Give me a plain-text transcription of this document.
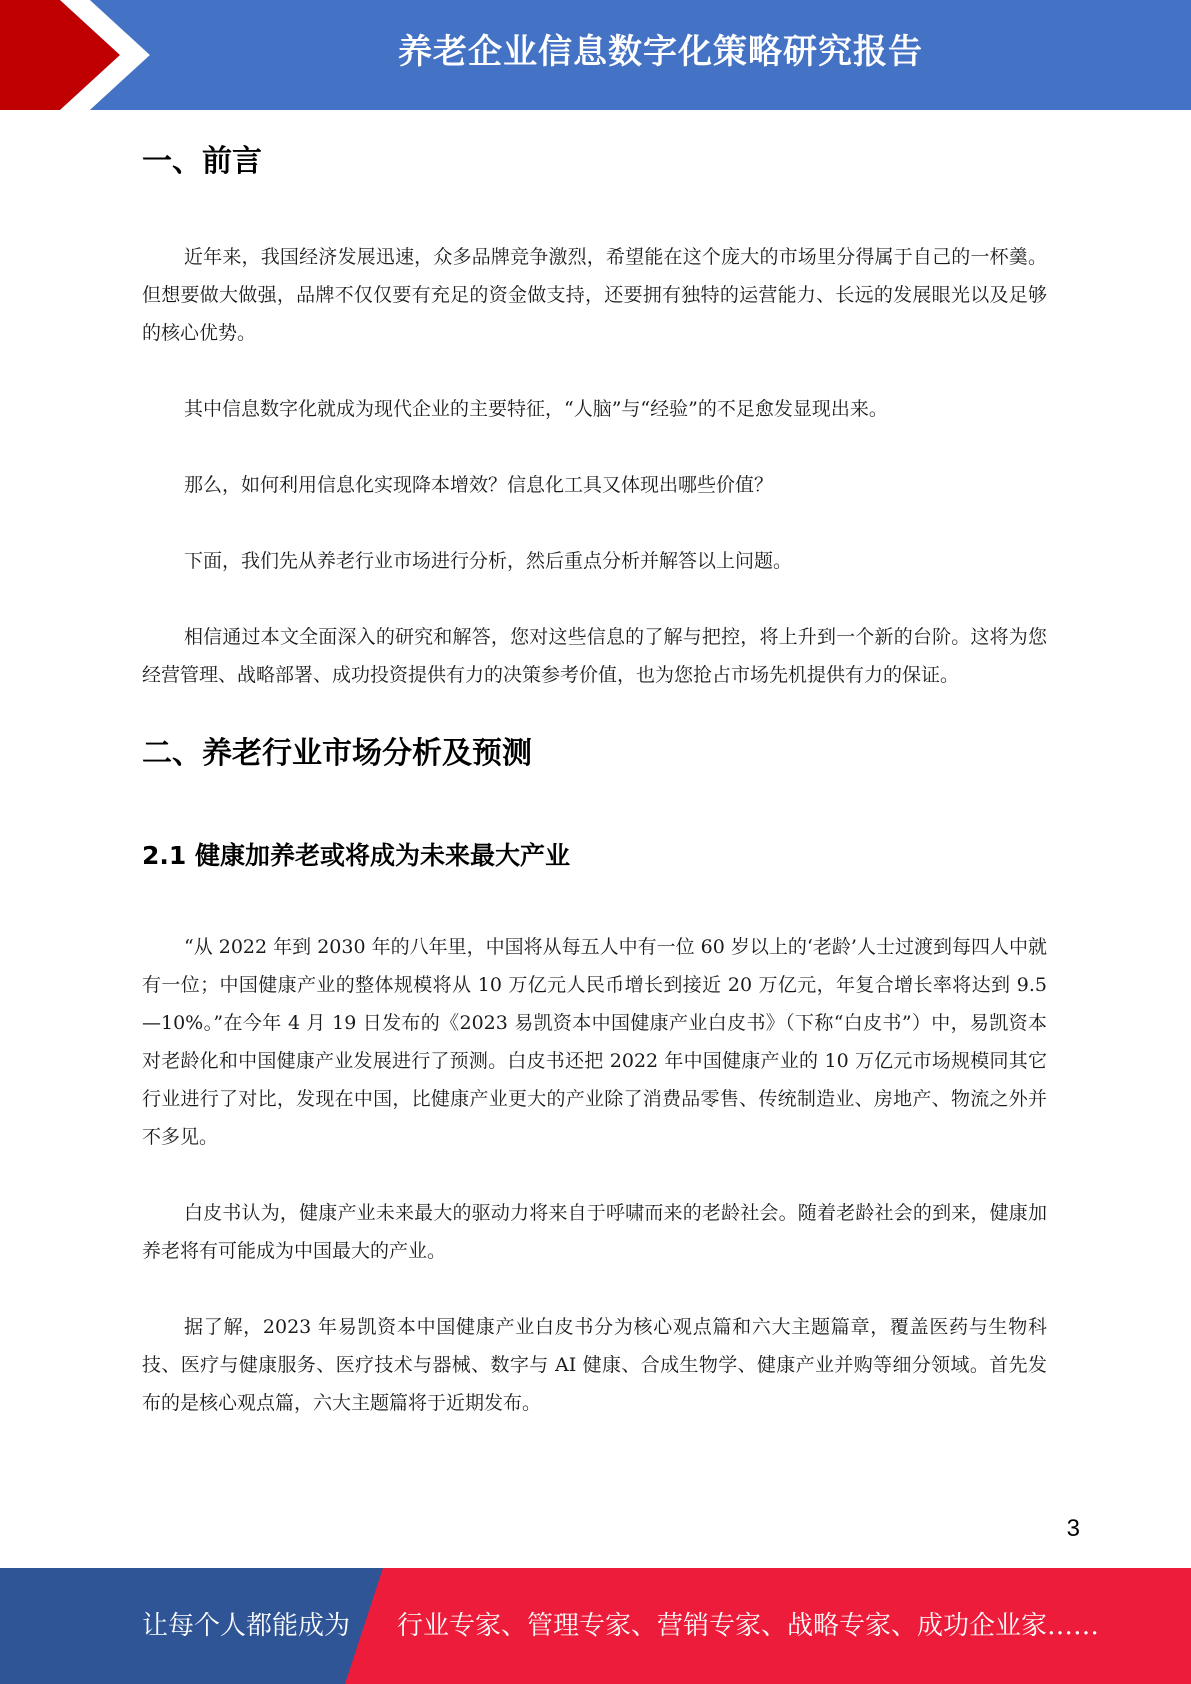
养老企业信息数字化策略研究报告
一、前言

近年来，我国经济发展迅速，众多品牌竞争激烈，希望能在这个庞大的市场里分得属于自己的一杯羹。但想要做大做强，品牌不仅仅要有充足的资金做支持，还要拥有独特的运营能力、长远的发展眼光以及足够的核心优势。

其中信息数字化就成为现代企业的主要特征，“人脑”与“经验”的不足愈发显现出来。

那么，如何利用信息化实现降本增效？信息化工具又体现出哪些价值？

下面，我们先从养老行业市场进行分析，然后重点分析并解答以上问题。

相信通过本文全面深入的研究和解答，您对这些信息的了解与把控，将上升到一个新的台阶。这将为您经营管理、战略部署、成功投资提供有力的决策参考价值，也为您抢占市场先机提供有力的保证。

二、养老行业市场分析及预测
2.1 健康加养老或将成为未来最大产业

“从 2022 年到 2030 年的八年里，中国将从每五人中有一位 60 岁以上的‘老龄’人士过渡到每四人中就有一位；中国健康产业的整体规模将从 10 万亿元人民币增长到接近 20 万亿元，年复合增长率将达到 9.5—10%。”在今年 4 月 19 日发布的《2023 易凯资本中国健康产业白皮书》（下称“白皮书”）中，易凯资本对老龄化和中国健康产业发展进行了预测。白皮书还把 2022 年中国健康产业的 10 万亿元市场规模同其它行业进行了对比，发现在中国，比健康产业更大的产业除了消费品零售、传统制造业、房地产、物流之外并不多见。

白皮书认为，健康产业未来最大的驱动力将来自于呼啸而来的老龄社会。随着老龄社会的到来，健康加养老将有可能成为中国最大的产业。

据了解，2023 年易凯资本中国健康产业白皮书分为核心观点篇和六大主题篇章，覆盖医药与生物科技、医疗与健康服务、医疗技术与器械、数字与 AI 健康、合成生物学、健康产业并购等细分领域。首先发布的是核心观点篇，六大主题篇将于近期发布。

3
让每个人都能成为 行业专家、管理专家、营销专家、战略专家、成功企业家……
